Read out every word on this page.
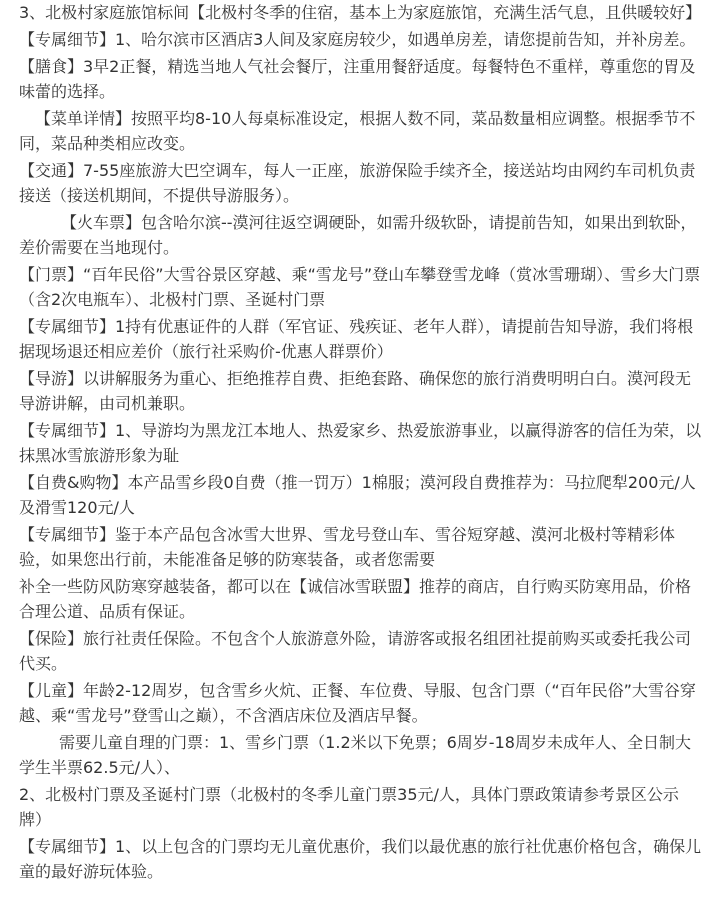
3、北极村家庭旅馆标间【北极村冬季的住宿，基本上为家庭旅馆，充满生活气息，且供暖较好】

【专属细节】1、哈尔滨市区酒店3人间及家庭房较少，如遇单房差，请您提前告知，并补房差。

【膳食】3早2正餐，精选当地人气社会餐厅，注重用餐舒适度。每餐特色不重样，尊重您的胃及味蕾的选择。

【菜单详情】按照平均8-10人每桌标准设定，根据人数不同，菜品数量相应调整。根据季节不同，菜品种类相应改变。

【交通】7-55座旅游大巴空调车，每人一正座，旅游保险手续齐全，接送站均由网约车司机负责接送（接送机期间，不提供导游服务）。

【火车票】包含哈尔滨--漠河往返空调硬卧，如需升级软卧，请提前告知，如果出到软卧，差价需要在当地现付。

【门票】“百年民俗”大雪谷景区穿越、乘“雪龙号”登山车攀登雪龙峰（赏冰雪珊瑚）、雪乡大门票（含2次电瓶车）、北极村门票、圣诞村门票

【专属细节】1持有优惠证件的人群（军官证、残疾证、老年人群），请提前告知导游，我们将根据现场退还相应差价（旅行社采购价-优惠人群票价）

【导游】以讲解服务为重心、拒绝推荐自费、拒绝套路、确保您的旅行消费明明白白。漠河段无导游讲解，由司机兼职。

【专属细节】1、导游均为黑龙江本地人、热爱家乡、热爱旅游事业，以赢得游客的信任为荣，以抹黑冰雪旅游形象为耻

【自费&购物】本产品雪乡段0自费（推一罚万）1棉服；漠河段自费推荐为：马拉爬犁200元/人及滑雪120元/人

【专属细节】鉴于本产品包含冰雪大世界、雪龙号登山车、雪谷短穿越、漠河北极村等精彩体验，如果您出行前，未能准备足够的防寒装备，或者您需要

补全一些防风防寒穿越装备，都可以在【诚信冰雪联盟】推荐的商店，自行购买防寒用品，价格合理公道、品质有保证。

【保险】旅行社责任保险。不包含个人旅游意外险，请游客或报名组团社提前购买或委托我公司代买。

【儿童】年龄2-12周岁，包含雪乡火炕、正餐、车位费、导服、包含门票（“百年民俗”大雪谷穿越、乘“雪龙号”登雪山之巅），不含酒店床位及酒店早餐。

需要儿童自理的门票：1、雪乡门票（1.2米以下免票；6周岁-18周岁未成年人、全日制大学生半票62.5元/人）、

2、北极村门票及圣诞村门票（北极村的冬季儿童门票35元/人，具体门票政策请参考景区公示牌）

【专属细节】1、以上包含的门票均无儿童优惠价，我们以最优惠的旅行社优惠价格包含，确保儿童的最好游玩体验。
